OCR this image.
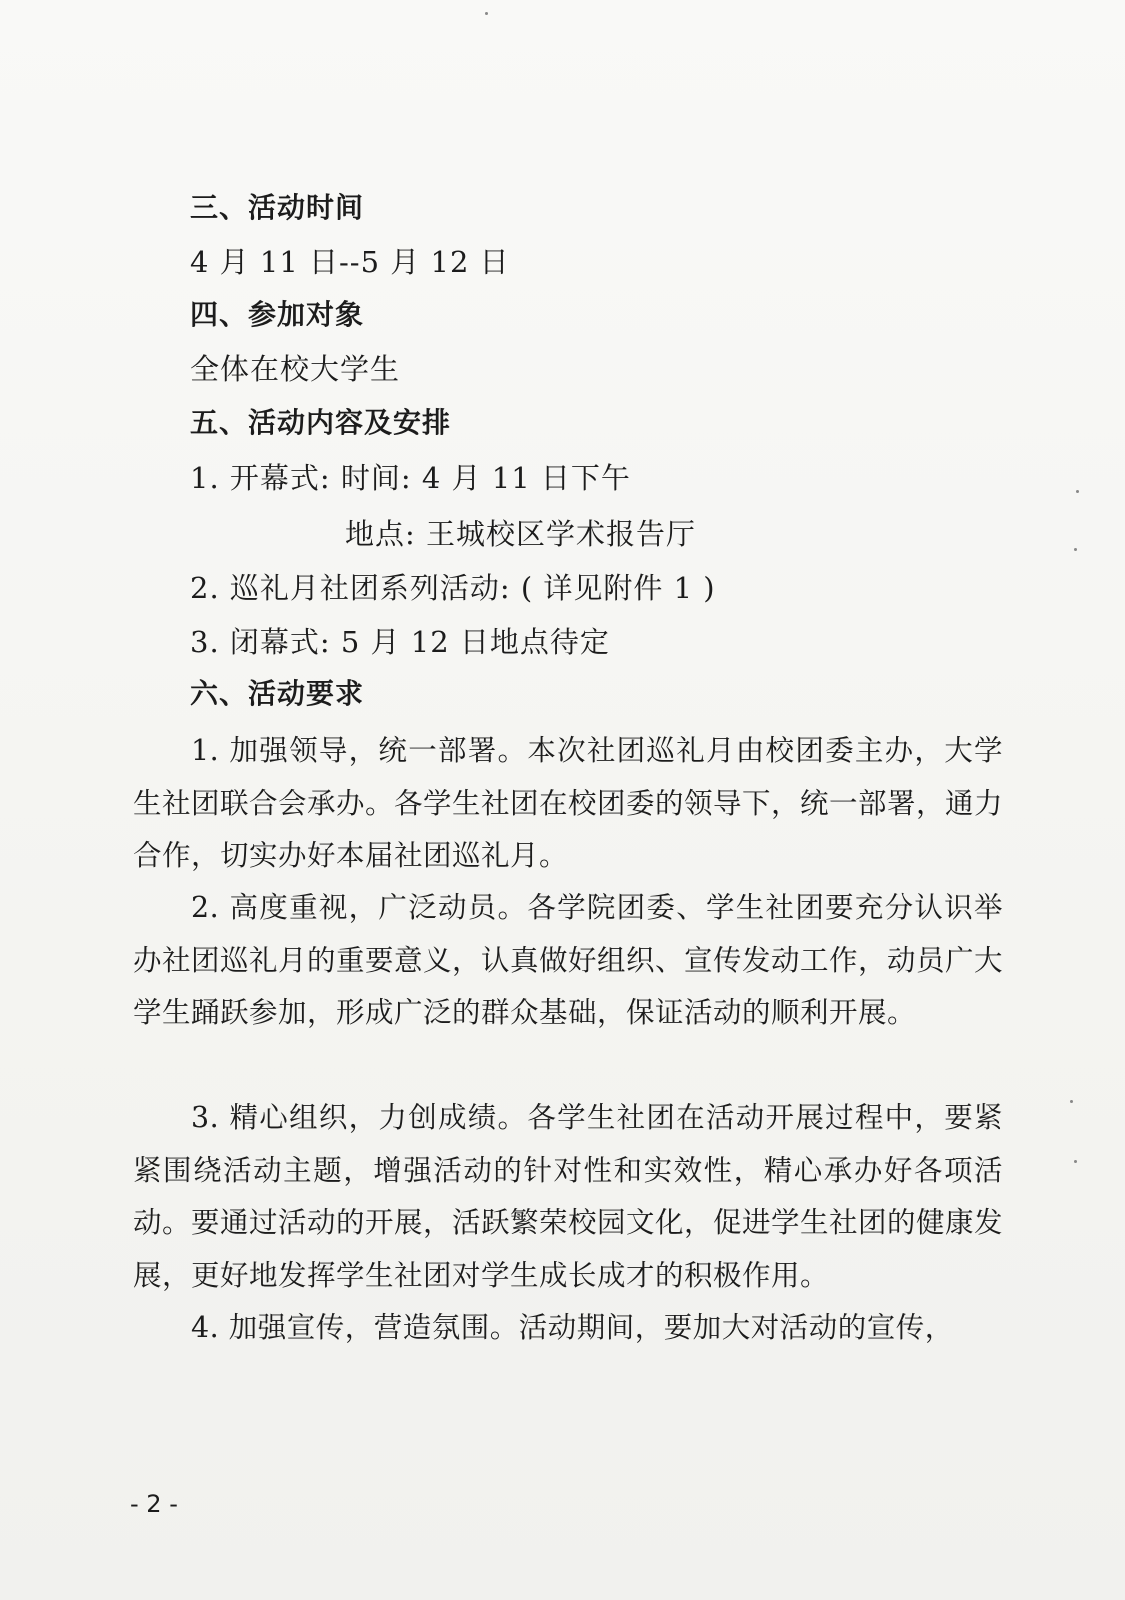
三、活动时间
4 月 11 日--5 月 12 日
四、参加对象
全体在校大学生
五、活动内容及安排
1. 开幕式: 时间: 4 月 11 日下午
地点: 王城校区学术报告厅
2. 巡礼月社团系列活动: ( 详见附件 1 )
3. 闭幕式: 5 月 12 日地点待定
六、活动要求
1. 加强领导，统一部署。本次社团巡礼月由校团委主办，大学生社团联合会承办。各学生社团在校团委的领导下，统一部署，通力合作，切实办好本届社团巡礼月。
2. 高度重视，广泛动员。各学院团委、学生社团要充分认识举办社团巡礼月的重要意义，认真做好组织、宣传发动工作，动员广大学生踊跃参加，形成广泛的群众基础，保证活动的顺利开展。
3. 精心组织，力创成绩。各学生社团在活动开展过程中，要紧紧围绕活动主题，增强活动的针对性和实效性，精心承办好各项活动。要通过活动的开展，活跃繁荣校园文化，促进学生社团的健康发展，更好地发挥学生社团对学生成长成才的积极作用。
4. 加强宣传，营造氛围。活动期间，要加大对活动的宣传，
- 2 -
